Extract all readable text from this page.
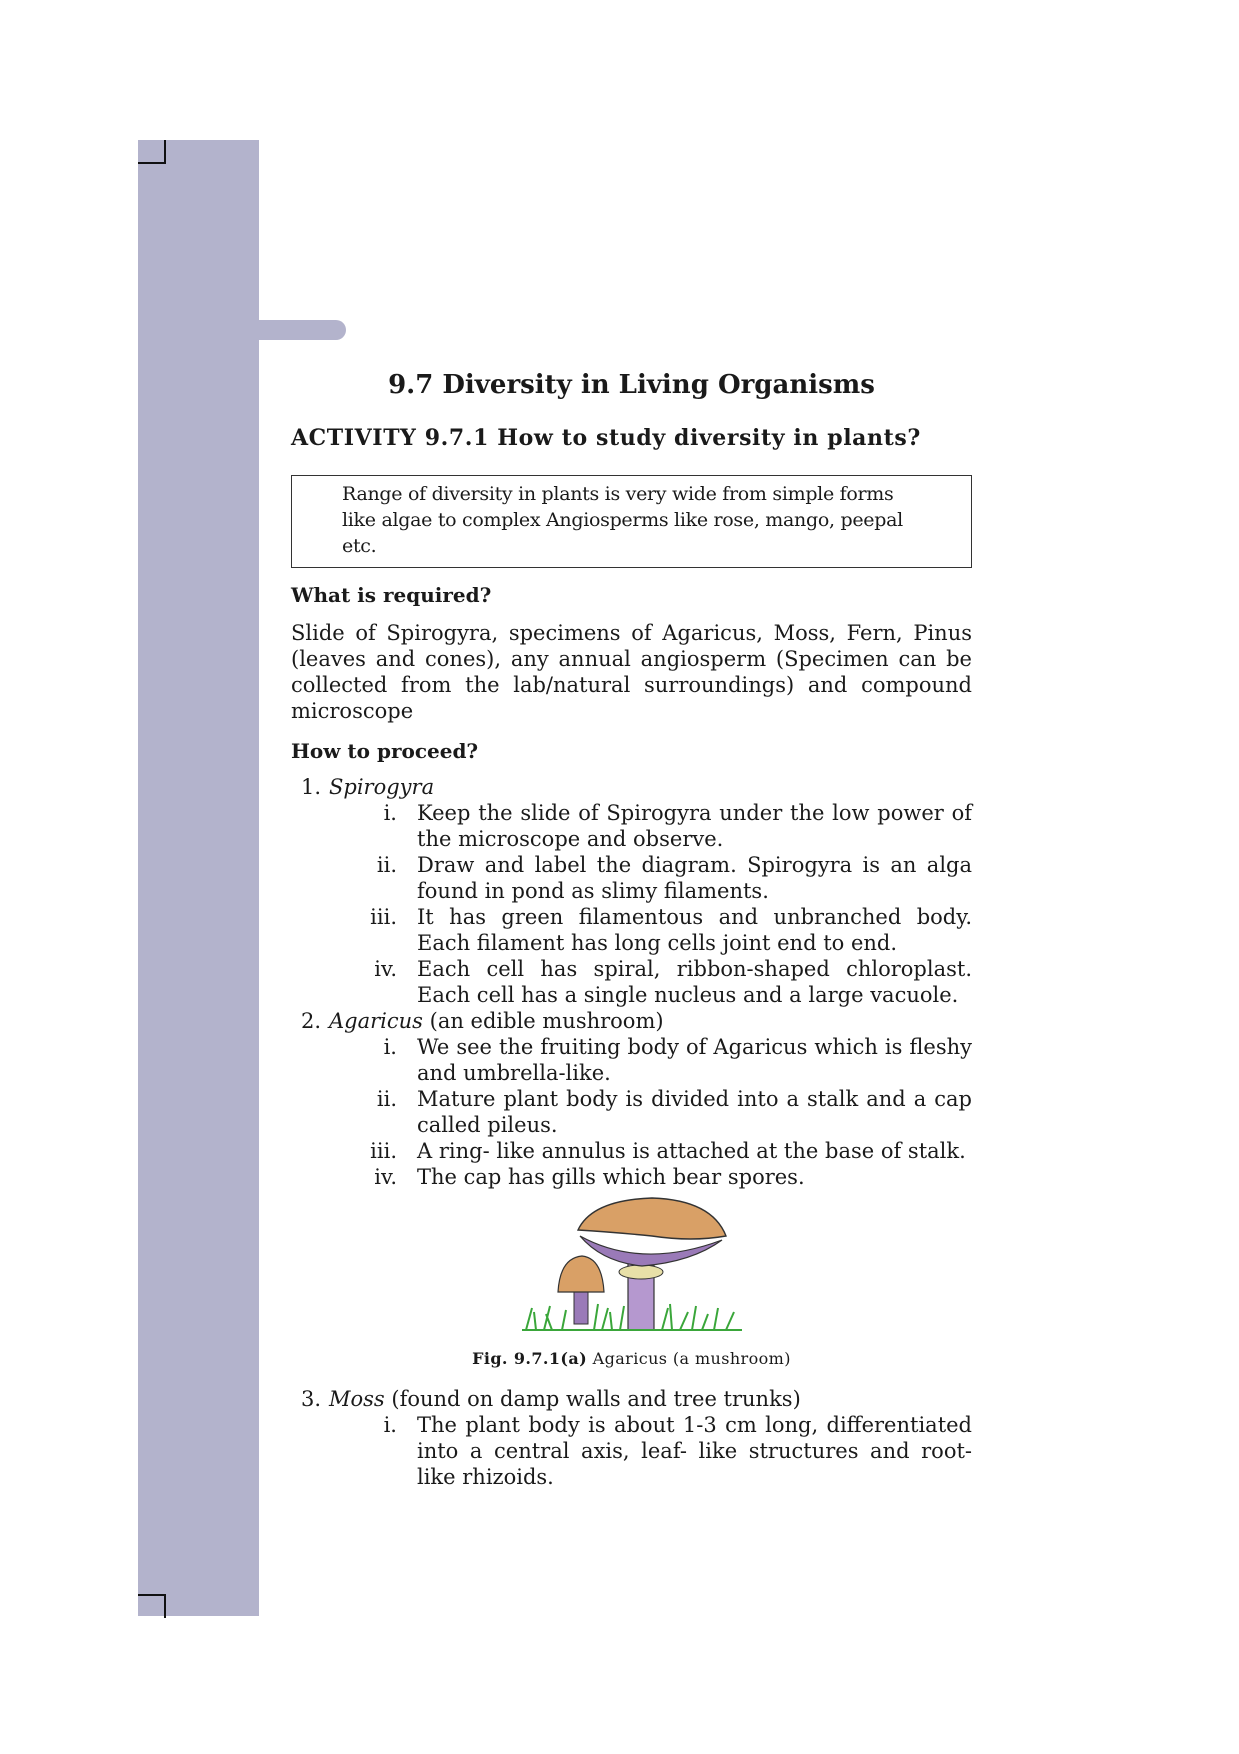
9.7 Diversity in Living Organisms
ACTIVITY 9.7.1 How to study diversity in plants?
Range of diversity in plants is very wide from simple forms like algae to complex Angiosperms like rose, mango, peepal etc.
What is required?

Slide of Spirogyra, specimens of Agaricus, Moss, Fern, Pinus (leaves and cones), any annual angiosperm (Specimen can be collected from the lab/natural surroundings) and compound microscope

How to proceed?
1. Spirogyra
i. Keep the slide of Spirogyra under the low power of the microscope and observe.
ii. Draw and label the diagram. Spirogyra is an alga found in pond as slimy filaments.
iii. It has green filamentous and unbranched body. Each filament has long cells joint end to end.
iv. Each cell has spiral, ribbon-shaped chloroplast. Each cell has a single nucleus and a large vacuole.
2. Agaricus (an edible mushroom)
i. We see the fruiting body of Agaricus which is fleshy and umbrella-like.
ii. Mature plant body is divided into a stalk and a cap called pileus.
iii. A ring- like annulus is attached at the base of stalk.
iv. The cap has gills which bear spores.
Fig. 9.7.1(a) Agaricus (a mushroom)
3. Moss (found on damp walls and tree trunks)
i. The plant body is about 1-3 cm long, differentiated into a central axis, leaf- like structures and root- like rhizoids.
